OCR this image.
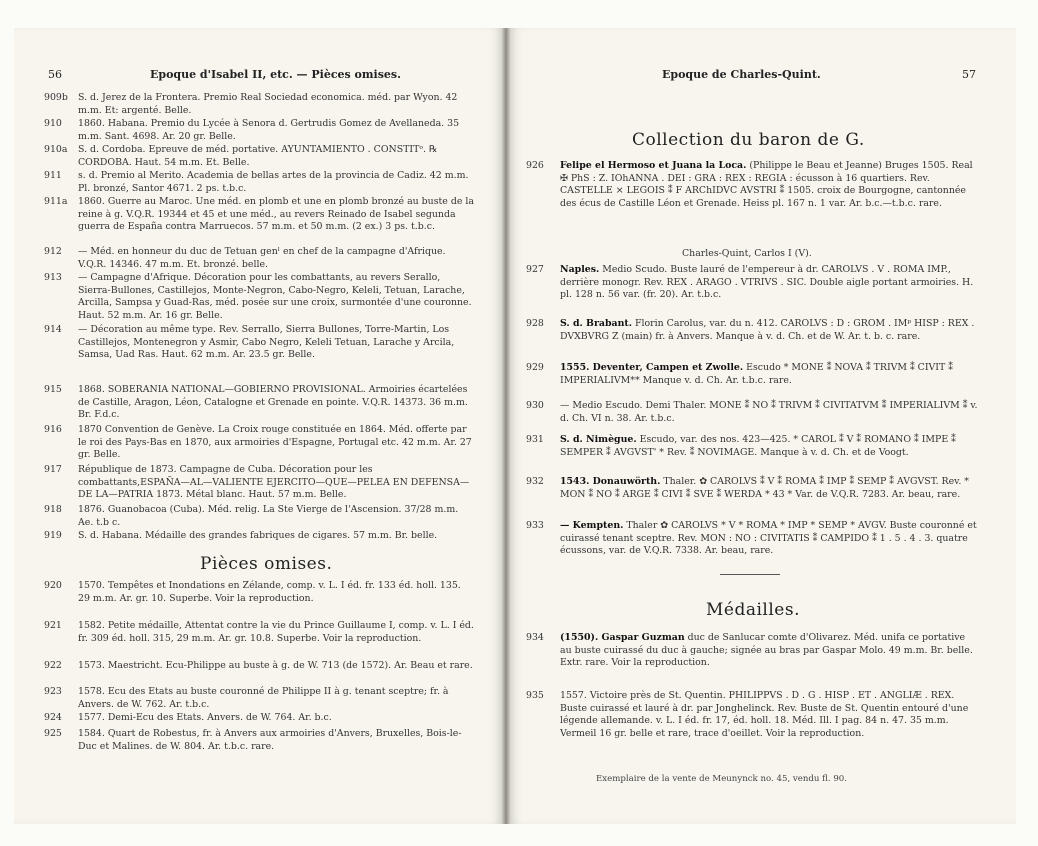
56	Epoque d'Isabel II, etc. — Pièces omises.
909b	S. d. Jerez de la Frontera. Premio Real Sociedad economica. méd. par Wyon. 42 m.m. Et: argenté. Belle.
910	1860. Habana. Premio du Lycée à Senora d. Gertrudis Gomez de Avellaneda. 35 m.m. Sant. 4698. Ar. 20 gr. Belle.
910a	S. d. Cordoba. Epreuve de méd. portative. AYUNTAMIENTO . CONSTITᵒ. ℞ CORDOBA. Haut. 54 m.m. Et. Belle.
911	s. d. Premio al Merito. Academia de bellas artes de la provincia de Cadiz. 42 m.m. Pl. bronzé, Santor 4671. 2 ps. t.b.c.
911a	1860. Guerre au Maroc. Une méd. en plomb et une en plomb bronzé au buste de la reine à g. V.Q.R. 19344 et 45 et une méd., au revers Reinado de Isabel segunda guerra de España contra Marruecos. 57 m.m. et 50 m.m. (2 ex.) 3 ps. t.b.c.
912	— Méd. en honneur du duc de Tetuan genˡ en chef de la campagne d'Afrique. V.Q.R. 14346. 47 m.m. Et. bronzé. belle.
913	— Campagne d'Afrique. Décoration pour les combattants, au revers Serallo, Sierra-Bullones, Castillejos, Monte-Negron, Cabo-Negro, Keleli, Tetuan, Larache, Arcilla, Sampsa y Guad-Ras, méd. posée sur une croix, surmontée d'une couronne. Haut. 52 m.m. Ar. 16 gr. Belle.
914	— Décoration au même type. Rev. Serrallo, Sierra Bullones, Torre-Martin, Los Castillejos, Montenegron y Asmir, Cabo Negro, Keleli Tetuan, Larache y Arcila, Samsa, Uad Ras. Haut. 62 m.m. Ar. 23.5 gr. Belle.
915	1868. SOBERANIA NATIONAL—GOBIERNO PROVISIONAL. Armoiries écartelées de Castille, Aragon, Léon, Catalogne et Grenade en pointe. V.Q.R. 14373. 36 m.m. Br. F.d.c.
916	1870 Convention de Genève. La Croix rouge constituée en 1864. Méd. offerte par le roi des Pays-Bas en 1870, aux armoiries d'Espagne, Portugal etc. 42 m.m. Ar. 27 gr. Belle.
917	République de 1873. Campagne de Cuba. Décoration pour les combattants,ESPAÑA—AL—VALIENTE EJERCITO—QUE—PELEA EN DEFENSA—DE LA—PATRIA 1873. Métal blanc. Haut. 57 m.m. Belle.
918	1876. Guanobacoa (Cuba). Méd. relig. La Ste Vierge de l'Ascension. 37/28 m.m. Ae. t.b c.
919	S. d. Habana. Médaille des grandes fabriques de cigares. 57 m.m. Br. belle.
Pièces omises.
920	1570. Tempêtes et Inondations en Zélande, comp. v. L. I éd. fr. 133 éd. holl. 135. 29 m.m. Ar. gr. 10. Superbe. Voir la reproduction.
921	1582. Petite médaille, Attentat contre la vie du Prince Guillaume I, comp. v. L. I éd. fr. 309 éd. holl. 315, 29 m.m. Ar. gr. 10.8. Superbe. Voir la reproduction.
922	1573. Maestricht. Ecu-Philippe au buste à g. de W. 713 (de 1572). Ar. Beau et rare.
923	1578. Ecu des Etats au buste couronné de Philippe II à g. tenant sceptre; fr. à Anvers. de W. 762. Ar. t.b.c.
924	1577. Demi-Ecu des Etats. Anvers. de W. 764. Ar. b.c.
925	1584. Quart de Robestus, fr. à Anvers aux armoiries d'Anvers, Bruxelles, Bois-le-Duc et Malines. de W. 804. Ar. t.b.c. rare.
Epoque de Charles-Quint.	57
Collection du baron de G.
926	Felipe el Hermoso et Juana la Loca. (Philippe le Beau et Jeanne) Bruges 1505. Real ✠ PhS : Z. IOhANNA . DEI : GRA : REX : REGIA : écusson à 16 quartiers. Rev. CASTELLE × LEGOIS ⁑ F ARChIDVC AVSTRI ⁑ 1505. croix de Bourgogne, cantonnée des écus de Castille Léon et Grenade. Heiss pl. 167 n. 1 var. Ar. b.c.—t.b.c. rare.
Charles-Quint, Carlos I (V).
927	Naples. Medio Scudo. Buste lauré de l'empereur à dr. CAROLVS . V . ROMA IMP., derrière monogr. Rev. REX . ARAGO . VTRIVS . SIC. Double aigle portant armoiries. H. pl. 128 n. 56 var. (fr. 20). Ar. t.b.c.
928	S. d. Brabant. Florin Carolus, var. du n. 412. CAROLVS : D : GROM . IMᵖ HISP : REX . DVXBVRG Z (main) fr. à Anvers. Manque à v. d. Ch. et de W. Ar. t. b. c. rare.
929	1555. Deventer, Campen et Zwolle. Escudo * MONE ⁑ NOVA ⁑ TRIVM ⁑ CIVIT ⁑ IMPERIALIVM** Manque v. d. Ch. Ar. t.b.c. rare.
930	— Medio Escudo. Demi Thaler. MONE ⁑ NO ⁑ TRIVM ⁑ CIVITATVM ⁑ IMPERIALIVM ⁑ v. d. Ch. VI n. 38. Ar. t.b.c.
931	S. d. Nimègue. Escudo, var. des nos. 423—425. * CAROL ⁑ V ⁑ ROMANO ⁑ IMPE ⁑ SEMPER ⁑ AVGVST' * Rev. ⁑ NOVIMAGE. Manque à v. d. Ch. et de Voogt.
932	1543. Donauwörth. Thaler. ✿ CAROLVS ⁑ V ⁑ ROMA ⁑ IMP ⁑ SEMP ⁑ AVGVST. Rev. * MON ⁑ NO ⁑ ARGE ⁑ CIVI ⁑ SVE ⁑ WERDA * 43 * Var. de V.Q.R. 7283. Ar. beau, rare.
933	— Kempten. Thaler ✿ CAROLVS * V * ROMA * IMP * SEMP * AVGV. Buste couronné et cuirassé tenant sceptre. Rev. MON : NO : CIVITATIS ⁑ CAMPIDO ⁑ 1 . 5 . 4 . 3. quatre écussons, var. de V.Q.R. 7338. Ar. beau, rare.
Médailles.
934	(1550). Gaspar Guzman duc de Sanlucar comte d'Olivarez. Méd. unifa ce portative au buste cuirassé du duc à gauche; signée au bras par Gaspar Molo. 49 m.m. Br. belle. Extr. rare. Voir la reproduction.
935	1557. Victoire près de St. Quentin. PHILIPPVS . D . G . HISP . ET . ANGLIÆ . REX. Buste cuirassé et lauré à dr. par Jonghelinck. Rev. Buste de St. Quentin entouré d'une légende allemande. v. L. I éd. fr. 17, éd. holl. 18. Méd. Ill. I pag. 84 n. 47. 35 m.m. Vermeil 16 gr. belle et rare, trace d'oeillet. Voir la reproduction.
Exemplaire de la vente de Meunynck no. 45, vendu fl. 90.
